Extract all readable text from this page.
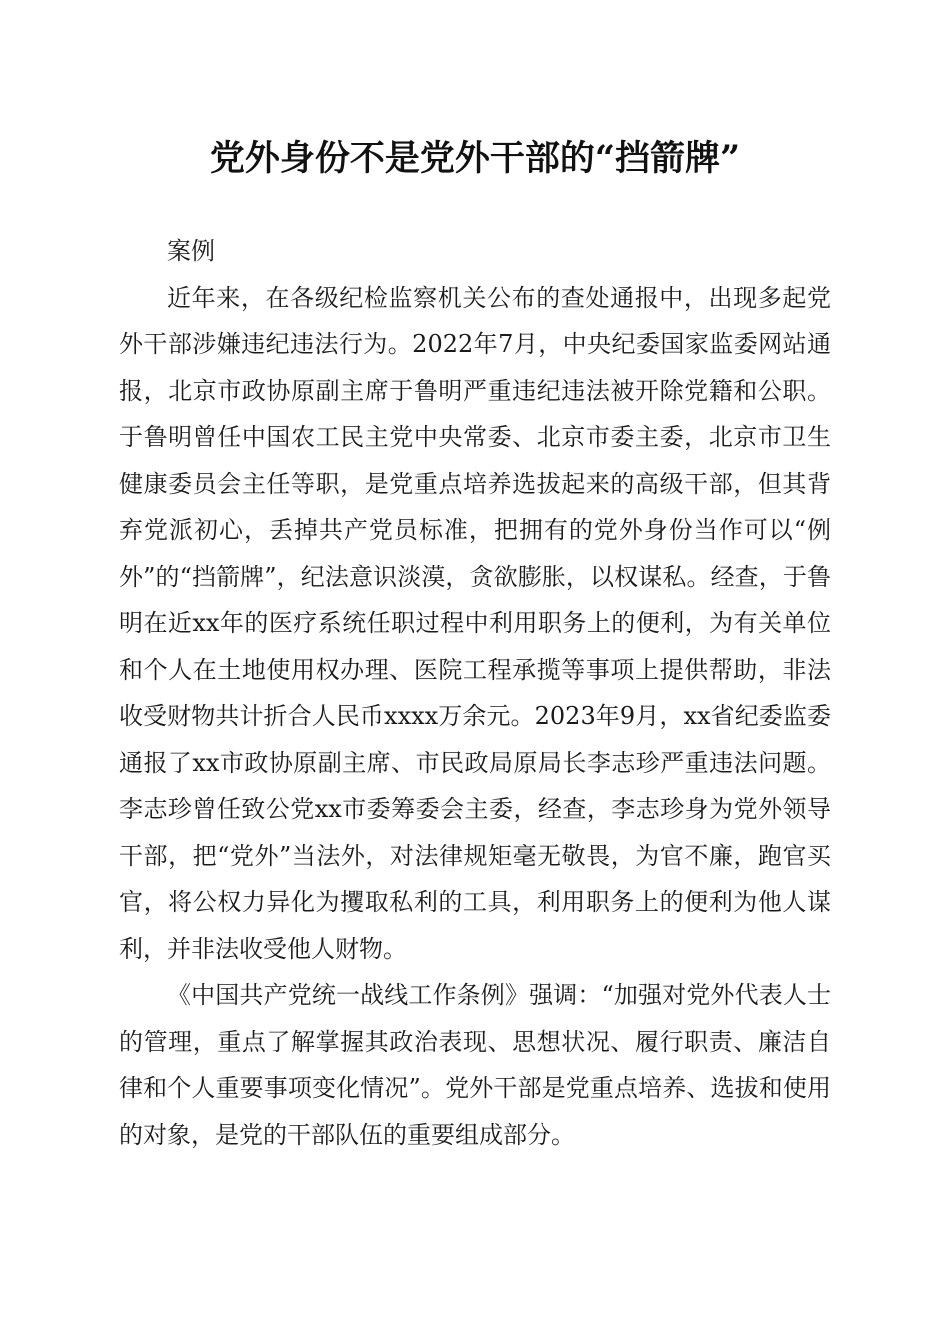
党外身份不是党外干部的“挡箭牌”

案例

近年来，在各级纪检监察机关公布的查处通报中，出现多起党外干部涉嫌违纪违法行为。2022年7月，中央纪委国家监委网站通报，北京市政协原副主席于鲁明严重违纪违法被开除党籍和公职。于鲁明曾任中国农工民主党中央常委、北京市委主委，北京市卫生健康委员会主任等职，是党重点培养选拔起来的高级干部，但其背弃党派初心，丢掉共产党员标准，把拥有的党外身份当作可以“例外”的“挡箭牌”，纪法意识淡漠，贪欲膨胀，以权谋私。经查，于鲁明在近xx年的医疗系统任职过程中利用职务上的便利，为有关单位和个人在土地使用权办理、医院工程承揽等事项上提供帮助，非法收受财物共计折合人民币xxxx万余元。2023年9月，xx省纪委监委通报了xx市政协原副主席、市民政局原局长李志珍严重违法问题。李志珍曾任致公党xx市委筹委会主委，经查，李志珍身为党外领导干部，把“党外”当法外，对法律规矩毫无敬畏，为官不廉，跑官买官，将公权力异化为攫取私利的工具，利用职务上的便利为他人谋利，并非法收受他人财物。

《中国共产党统一战线工作条例》强调：“加强对党外代表人士的管理，重点了解掌握其政治表现、思想状况、履行职责、廉洁自律和个人重要事项变化情况”。党外干部是党重点培养、选拔和使用的对象，是党的干部队伍的重要组成部分。
